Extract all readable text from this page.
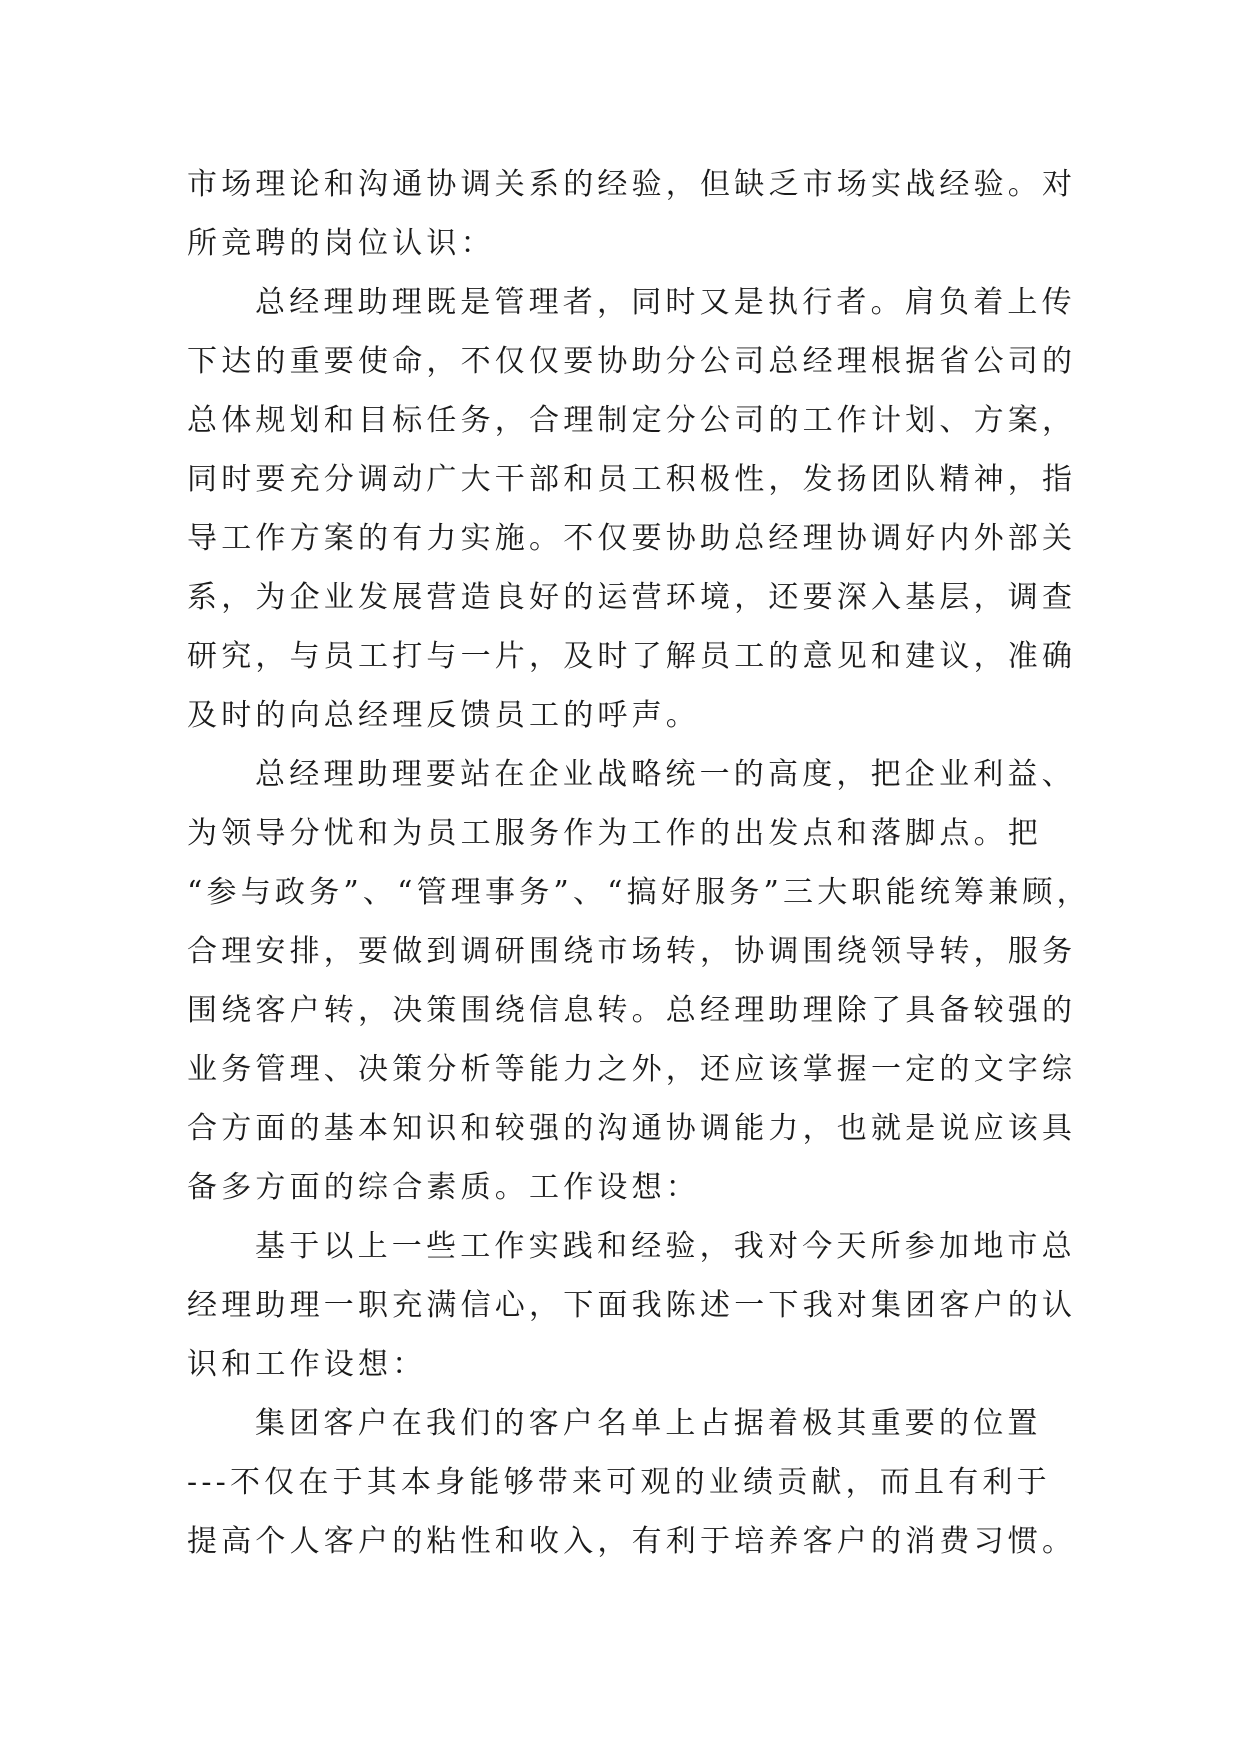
市场理论和沟通协调关系的经验，但缺乏市场实战经验。对
所竞聘的岗位认识：
总经理助理既是管理者，同时又是执行者。肩负着上传
下达的重要使命，不仅仅要协助分公司总经理根据省公司的
总体规划和目标任务，合理制定分公司的工作计划、方案，
同时要充分调动广大干部和员工积极性，发扬团队精神，指
导工作方案的有力实施。不仅要协助总经理协调好内外部关
系，为企业发展营造良好的运营环境，还要深入基层，调查
研究，与员工打与一片，及时了解员工的意见和建议，准确
及时的向总经理反馈员工的呼声。
总经理助理要站在企业战略统一的高度，把企业利益、
为领导分忧和为员工服务作为工作的出发点和落脚点。把
“参与政务”、“管理事务”、“搞好服务”三大职能统筹兼顾，
合理安排，要做到调研围绕市场转，协调围绕领导转，服务
围绕客户转，决策围绕信息转。总经理助理除了具备较强的
业务管理、决策分析等能力之外，还应该掌握一定的文字综
合方面的基本知识和较强的沟通协调能力，也就是说应该具
备多方面的综合素质。工作设想：
基于以上一些工作实践和经验，我对今天所参加地市总
经理助理一职充满信心，下面我陈述一下我对集团客户的认
识和工作设想：
集团客户在我们的客户名单上占据着极其重要的位置
---不仅在于其本身能够带来可观的业绩贡献，而且有利于
提高个人客户的粘性和收入，有利于培养客户的消费习惯。
